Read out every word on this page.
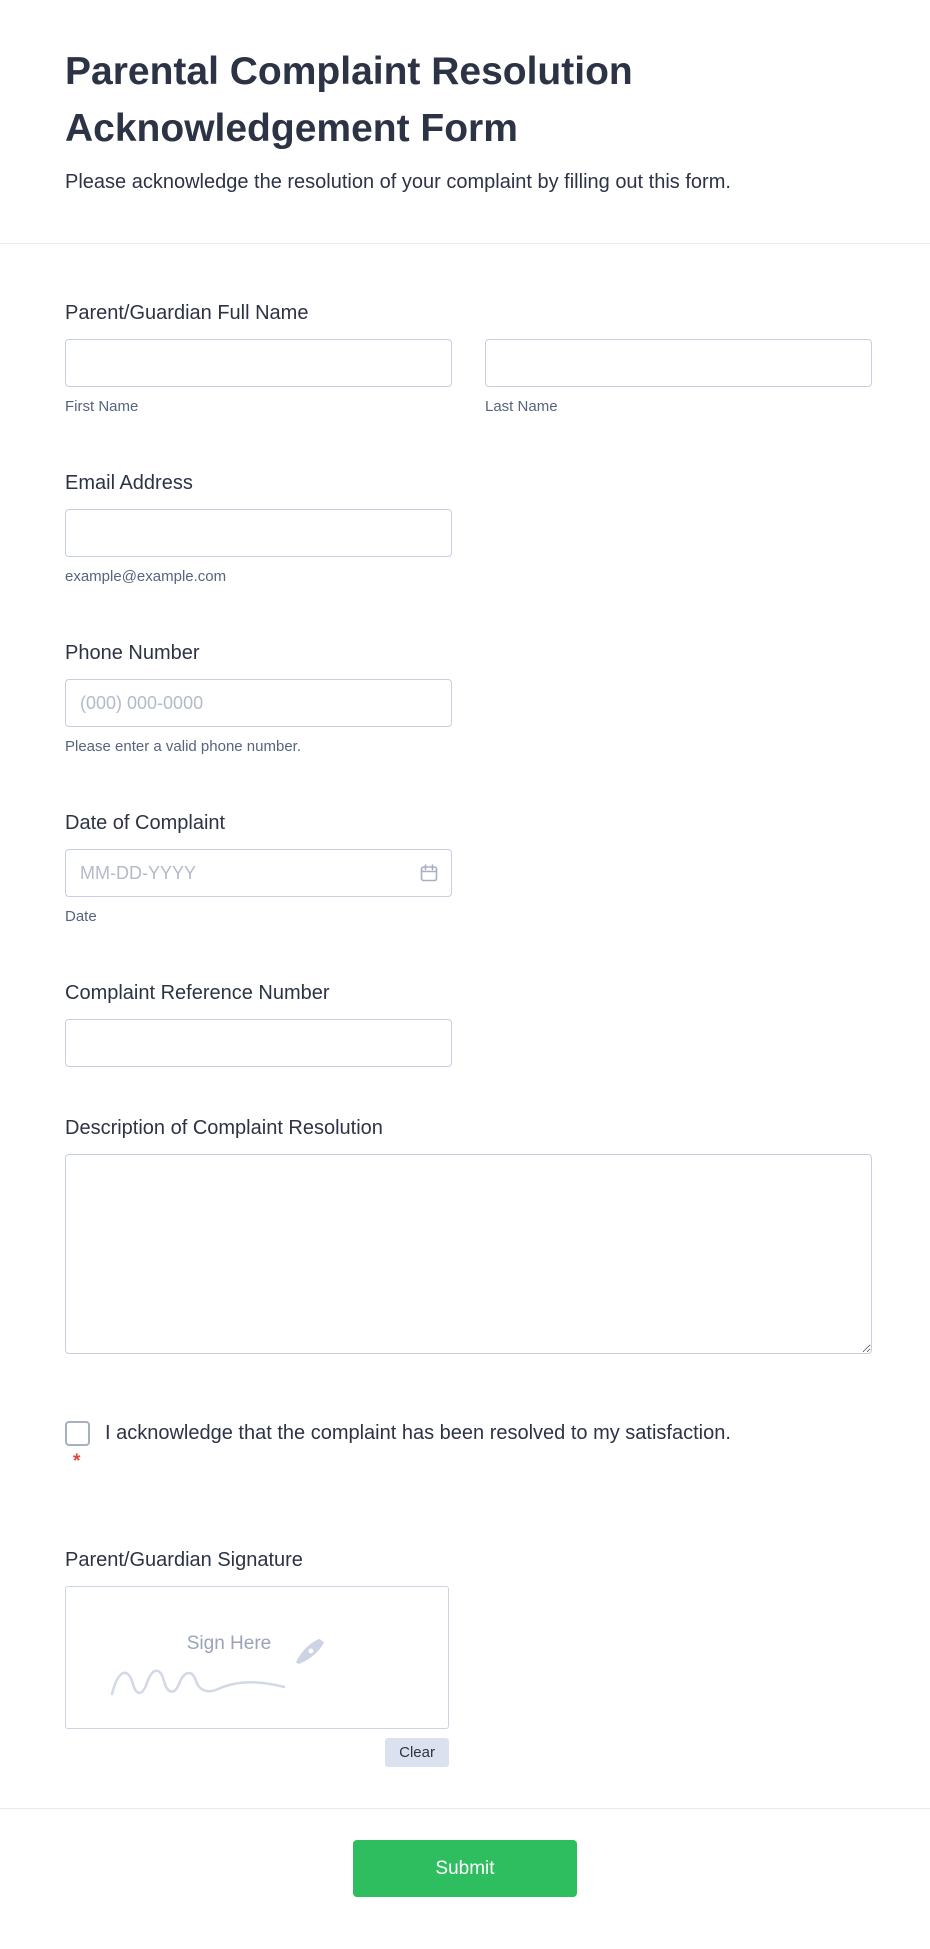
Parental Complaint Resolution Acknowledgement Form

Please acknowledge the resolution of your complaint by filling out this form.

Parent/Guardian Full Name
First Name	Last Name
Email Address
example@example.com
Phone Number
(000) 000-0000
Please enter a valid phone number.
Date of Complaint
MM-DD-YYYY
Date
Complaint Reference Number
Description of Complaint Resolution
I acknowledge that the complaint has been resolved to my satisfaction.
*
Parent/Guardian Signature
Sign Here
Clear
Submit
